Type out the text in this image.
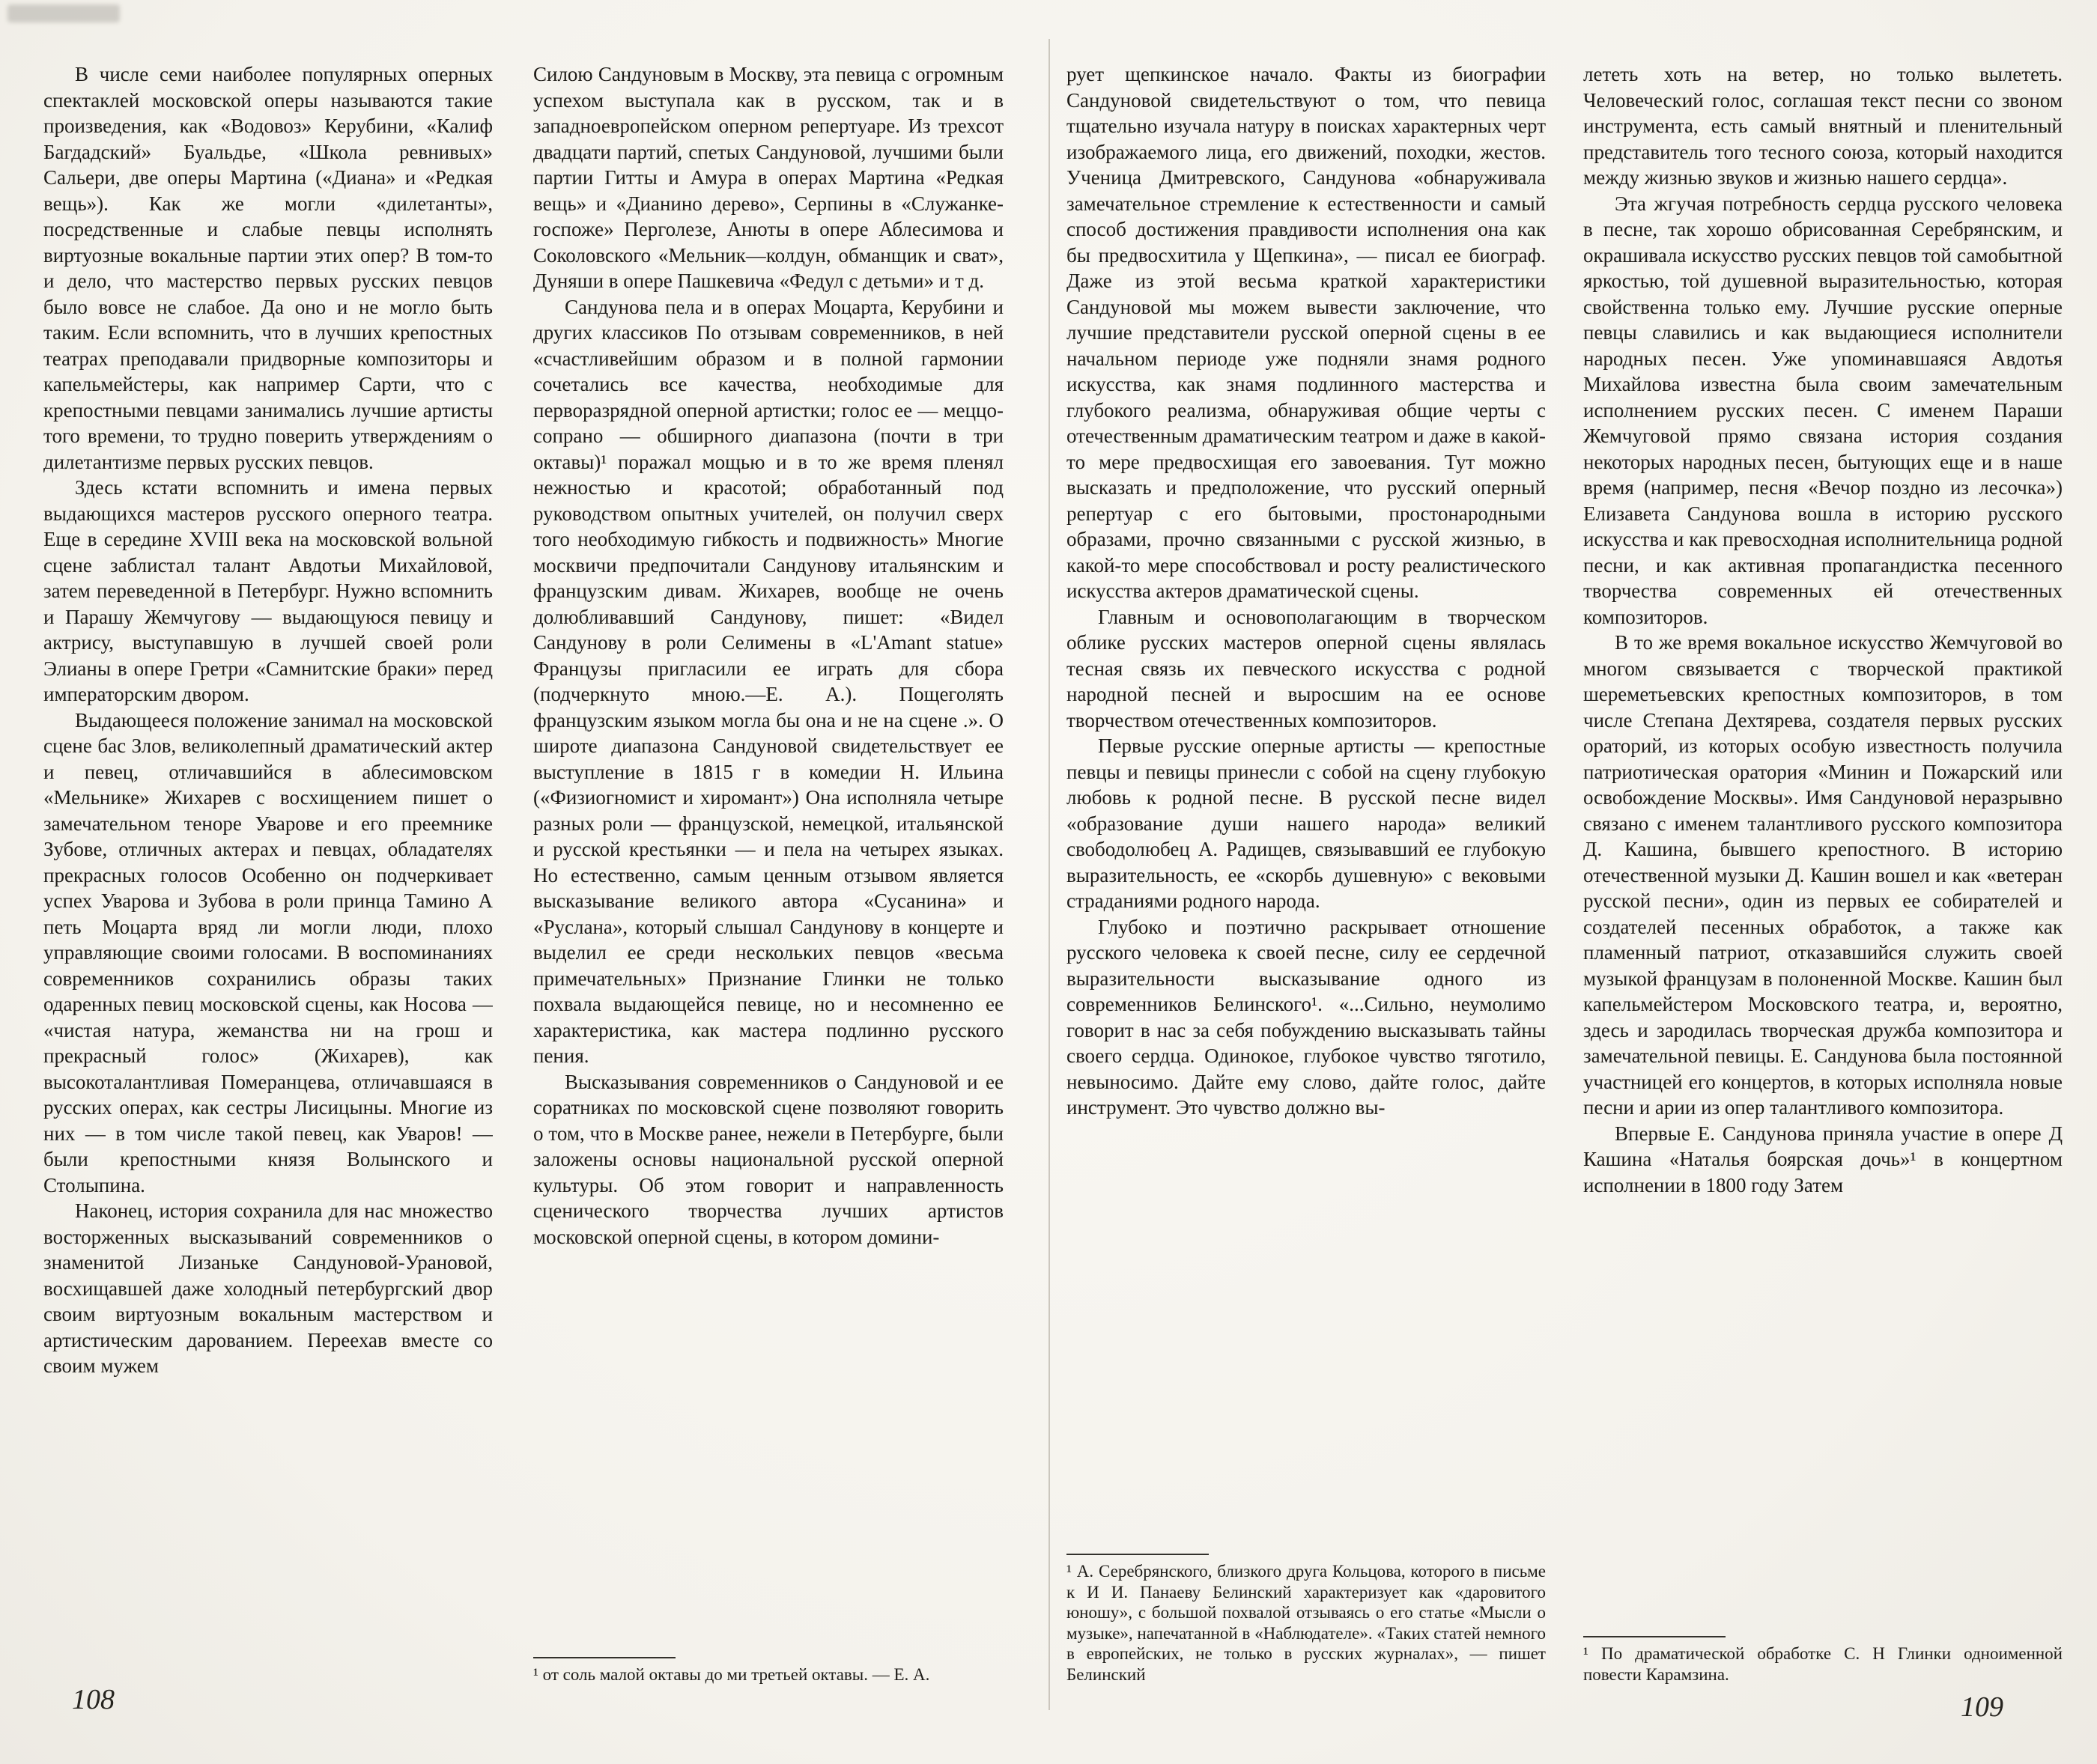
В числе семи наиболее популярных оперных спектаклей московской оперы называются такие произведения, как «Водовоз» Керубини, «Калиф Багдадский» Буальдье, «Школа ревнивых» Сальери, две оперы Мартина («Диана» и «Редкая вещь»). Как же могли «дилетанты», посредственные и слабые певцы исполнять виртуозные вокальные партии этих опер? В том-то и дело, что мастерство первых русских певцов было вовсе не слабое. Да оно и не могло быть таким. Если вспомнить, что в лучших крепостных театрах преподавали придворные композиторы и капельмейстеры, как например Сарти, что с крепостными певцами занимались лучшие артисты того времени, то трудно поверить утверждениям о дилетантизме первых русских певцов.

Здесь кстати вспомнить и имена первых выдающихся мастеров русского оперного театра. Еще в середине XVIII века на московской вольной сцене заблистал талант Авдотьи Михайловой, затем переведенной в Петербург. Нужно вспомнить и Парашу Жемчугову — выдающуюся певицу и актрису, выступавшую в лучшей своей роли Элианы в опере Гретри «Самнитские браки» перед императорским двором.

Выдающееся положение занимал на московской сцене бас Злов, великолепный драматический актер и певец, отличавшийся в аблесимовском «Мельнике» Жихарев с восхищением пишет о замечательном теноре Уварове и его преемнике Зубове, отличных актерах и певцах, обладателях прекрасных голосов Особенно он подчеркивает успех Уварова и Зубова в роли принца Тамино А петь Моцарта вряд ли могли люди, плохо управляющие своими голосами. В воспоминаниях современников сохранились образы таких одаренных певиц московской сцены, как Носова — «чистая натура, жеманства ни на грош и прекрасный голос» (Жихарев), как высокоталантливая Померанцева, отличавшаяся в русских операх, как сестры Лисицыны. Многие из них — в том числе такой певец, как Уваров! — были крепостными князя Волынского и Столыпина.

Наконец, история сохранила для нас множество восторженных высказываний современников о знаменитой Лизаньке Сандуновой-Урановой, восхищавшей даже холодный петербургский двор своим виртуозным вокальным мастерством и артистическим дарованием. Переехав вместе со своим мужем

Силою Сандуновым в Москву, эта певица с огромным успехом выступала как в русском, так и в западноевропейском оперном репертуаре. Из трехсот двадцати партий, спетых Сандуновой, лучшими были партии Гитты и Амура в операх Мартина «Редкая вещь» и «Дианино дерево», Серпины в «Служанке-госпоже» Перголезе, Анюты в опере Аблесимова и Соколовского «Мельник—колдун, обманщик и сват», Дуняши в опере Пашкевича «Федул с детьми» и т д.

Сандунова пела и в операх Моцарта, Керубини и других классиков По отзывам современников, в ней «счастливейшим образом и в полной гармонии сочетались все качества, необходимые для перворазрядной оперной артистки; голос ее — меццо-сопрано — обширного диапазона (почти в три октавы)¹ поражал мощью и в то же время пленял нежностью и красотой; обработанный под руководством опытных учителей, он получил сверх того необходимую гибкость и подвижность» Многие москвичи предпочитали Сандунову итальянским и французским дивам. Жихарев, вообще не очень долюбливавший Сандунову, пишет: «Видел Сандунову в роли Селимены в «L'Amant statue» Французы пригласили ее играть для сбора (подчеркнуто мною.—Е. А.). Пощеголять французским языком могла бы она и не на сцене .». О широте диапазона Сандуновой свидетельствует ее выступление в 1815 г в комедии Н. Ильина («Физиогномист и хиромант») Она исполняла четыре разных роли — французской, немецкой, итальянской и русской крестьянки — и пела на четырех языках. Но естественно, самым ценным отзывом является высказывание великого автора «Сусанина» и «Руслана», который слышал Сандунову в концерте и выделил ее среди нескольких певцов «весьма примечательных» Признание Глинки не только похвала выдающейся певице, но и несомненно ее характеристика, как мастера подлинно русского пения.

Высказывания современников о Сандуновой и ее соратниках по московской сцене позволяют говорить о том, что в Москве ранее, нежели в Петербурге, были заложены основы национальной русской оперной культуры. Об этом говорит и направленность сценического творчества лучших артистов московской оперной сцены, в котором домини-

¹ от соль малой октавы до ми третьей октавы. — Е. А.

рует щепкинское начало. Факты из биографии Сандуновой свидетельствуют о том, что певица тщательно изучала натуру в поисках характерных черт изображаемого лица, его движений, походки, жестов. Ученица Дмитревского, Сандунова «обнаруживала замечательное стремление к естественности и самый способ достижения правдивости исполнения она как бы предвосхитила у Щепкина», — писал ее биограф. Даже из этой весьма краткой характеристики Сандуновой мы можем вывести заключение, что лучшие представители русской оперной сцены в ее начальном периоде уже подняли знамя родного искусства, как знамя подлинного мастерства и глубокого реализма, обнаруживая общие черты с отечественным драматическим театром и даже в какой-то мере предвосхищая его завоевания. Тут можно высказать и предположение, что русский оперный репертуар с его бытовыми, простонародными образами, прочно связанными с русской жизнью, в какой-то мере способствовал и росту реалистического искусства актеров драматической сцены.

Главным и основополагающим в творческом облике русских мастеров оперной сцены являлась тесная связь их певческого искусства с родной народной песней и выросшим на ее основе творчеством отечественных композиторов.

Первые русские оперные артисты — крепостные певцы и певицы принесли с собой на сцену глубокую любовь к родной песне. В русской песне видел «образование души нашего народа» великий свободолюбец А. Радищев, связывавший ее глубокую выразительность, ее «скорбь душевную» с вековыми страданиями родного народа.

Глубоко и поэтично раскрывает отношение русского человека к своей песне, силу ее сердечной выразительности высказывание одного из современников Белинского¹. «...Сильно, неумолимо говорит в нас за себя побуждению высказывать тайны своего сердца. Одинокое, глубокое чувство тяготило, невыносимо. Дайте ему слово, дайте голос, дайте инструмент. Это чувство должно вы-

¹ А. Серебрянского, близкого друга Кольцова, которого в письме к И И. Панаеву Белинский характеризует как «даровитого юношу», с большой похвалой отзываясь о его статье «Мысли о музыке», напечатанной в «Наблюдателе». «Таких статей немного в европейских, не только в русских журналах», — пишет Белинский

лететь хоть на ветер, но только вылететь. Человеческий голос, соглашая текст песни со звоном инструмента, есть самый внятный и пленительный представитель того тесного союза, который находится между жизнью звуков и жизнью нашего сердца».

Эта жгучая потребность сердца русского человека в песне, так хорошо обрисованная Серебрянским, и окрашивала искусство русских певцов той самобытной яркостью, той душевной выразительностью, которая свойственна только ему. Лучшие русские оперные певцы славились и как выдающиеся исполнители народных песен. Уже упоминавшаяся Авдотья Михайлова известна была своим замечательным исполнением русских песен. С именем Параши Жемчуговой прямо связана история создания некоторых народных песен, бытующих еще и в наше время (например, песня «Вечор поздно из лесочка») Елизавета Сандунова вошла в историю русского искусства и как превосходная исполнительница родной песни, и как активная пропагандистка песенного творчества современных ей отечественных композиторов.

В то же время вокальное искусство Жемчуговой во многом связывается с творческой практикой шереметьевских крепостных композиторов, в том числе Степана Дехтярева, создателя первых русских ораторий, из которых особую известность получила патриотическая оратория «Минин и Пожарский или освобождение Москвы». Имя Сандуновой неразрывно связано с именем талантливого русского композитора Д. Кашина, бывшего крепостного. В историю отечественной музыки Д. Кашин вошел и как «ветеран русской песни», один из первых ее собирателей и создателей песенных обработок, а также как пламенный патриот, отказавшийся служить своей музыкой французам в полоненной Москве. Кашин был капельмейстером Московского театра, и, вероятно, здесь и зародилась творческая дружба композитора и замечательной певицы. Е. Сандунова была постоянной участницей его концертов, в которых исполняла новые песни и арии из опер талантливого композитора.

Впервые Е. Сандунова приняла участие в опере Д Кашина «Наталья боярская дочь»¹ в концертном исполнении в 1800 году Затем

¹ По драматической обработке С. Н Глинки одноименной повести Карамзина.

108	109
